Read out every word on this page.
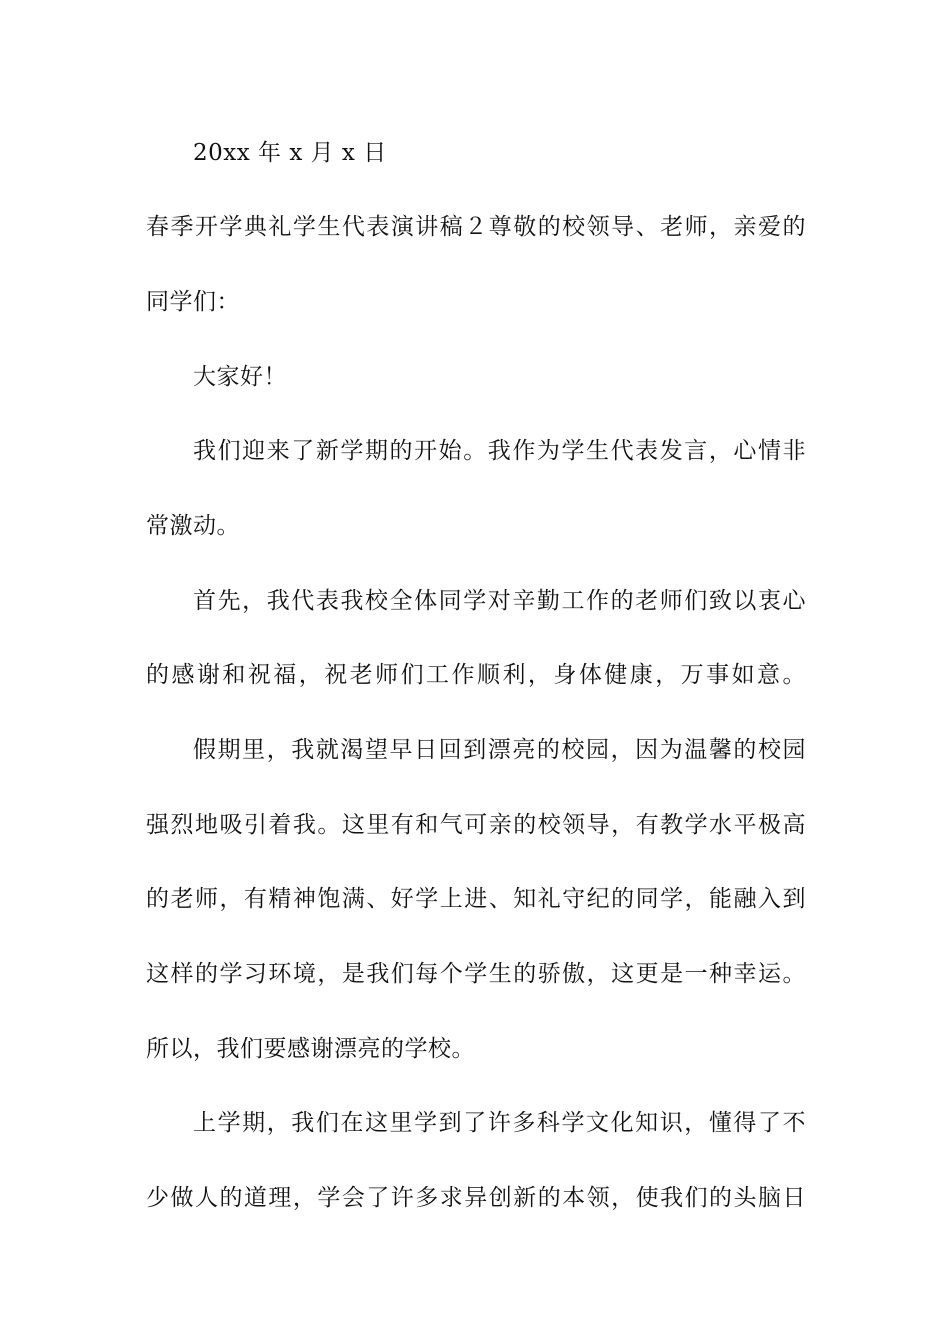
20xx 年 x 月 x 日
春季开学典礼学生代表演讲稿２尊敬的校领导、老师，亲爱的
同学们：
大家好！
我们迎来了新学期的开始。我作为学生代表发言，心情非
常激动。
首先，我代表我校全体同学对辛勤工作的老师们致以衷心
的感谢和祝福，祝老师们工作顺利，身体健康，万事如意。
假期里，我就渴望早日回到漂亮的校园，因为温馨的校园
强烈地吸引着我。这里有和气可亲的校领导，有教学水平极高
的老师，有精神饱满、好学上进、知礼守纪的同学，能融入到
这样的学习环境，是我们每个学生的骄傲，这更是一种幸运。
所以，我们要感谢漂亮的学校。
上学期，我们在这里学到了许多科学文化知识，懂得了不
少做人的道理，学会了许多求异创新的本领，使我们的头脑日
